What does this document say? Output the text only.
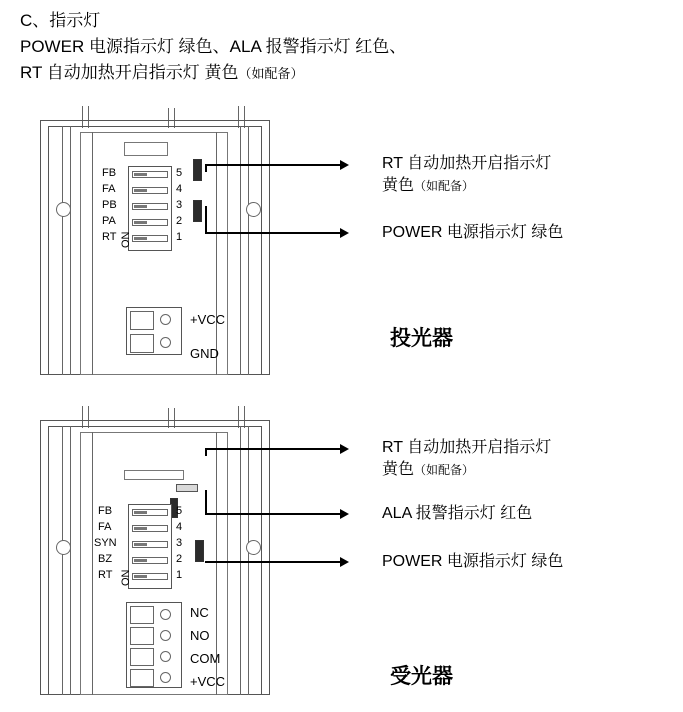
C、指示灯
POWER 电源指示灯 绿色、ALA 报警指示灯 红色、
RT 自动加热开启指示灯 黄色（如配备）
FB
FA
PB
PA
RT
5
4
3
2
1
ON
+VCC
GND
投光器
RT 自动加热开启指示灯
黄色（如配备）
POWER 电源指示灯 绿色
FB
FA
SYN
BZ
RT
5
4
3
2
1
ON
NC
NO
COM
+VCC	受光器
RT 自动加热开启指示灯
黄色（如配备）
ALA 报警指示灯 红色
POWER 电源指示灯 绿色
